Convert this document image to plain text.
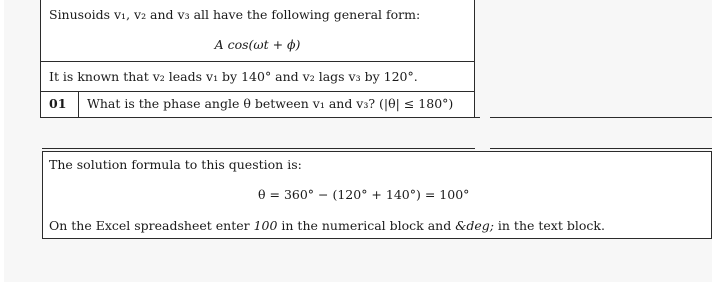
Sinusoids v₁, v₂ and v₃ all have the following general form:
A cos(ωt + ϕ)
It is known that v₂ leads v₁ by 140° and v₂ lags v₃ by 120°.
01 What is the phase angle θ between v₁ and v₃? (|θ| ≤ 180°)
The solution formula to this question is:
θ = 360° − (120° + 140°) = 100°
On the Excel spreadsheet enter 100 in the numerical block and &deg; in the text block.
